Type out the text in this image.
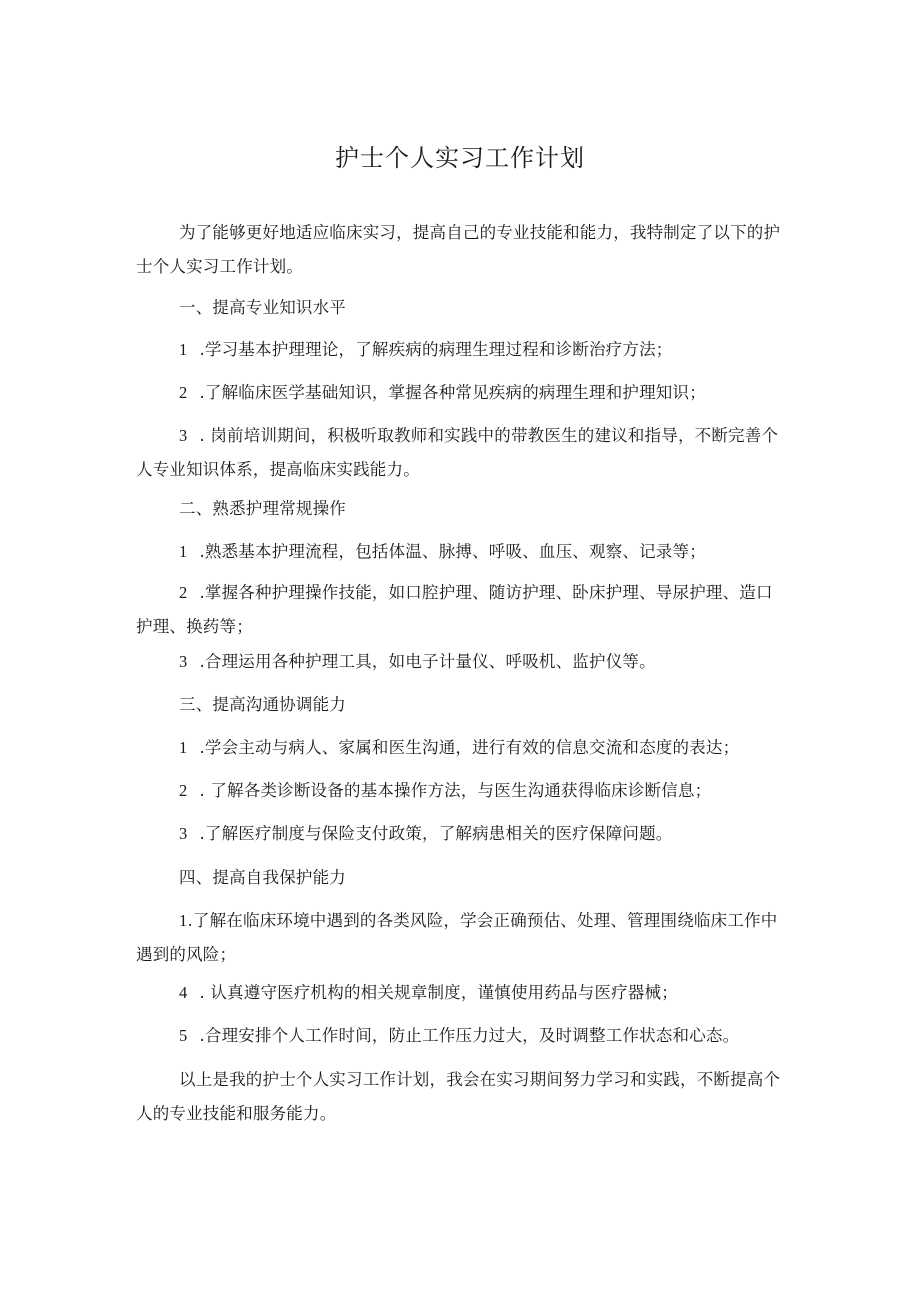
护士个人实习工作计划
为了能够更好地适应临床实习，提高自己的专业技能和能力，我特制定了以下的护士个人实习工作计划。
一、提高专业知识水平
1 .学习基本护理理论，了解疾病的病理生理过程和诊断治疗方法；
2 .了解临床医学基础知识，掌握各种常见疾病的病理生理和护理知识；
3 . 岗前培训期间，积极听取教师和实践中的带教医生的建议和指导，不断完善个人专业知识体系，提高临床实践能力。
二、熟悉护理常规操作
1 .熟悉基本护理流程，包括体温、脉搏、呼吸、血压、观察、记录等；
2 .掌握各种护理操作技能，如口腔护理、随访护理、卧床护理、导尿护理、造口护理、换药等；
3 .合理运用各种护理工具，如电子计量仪、呼吸机、监护仪等。
三、提高沟通协调能力
1 .学会主动与病人、家属和医生沟通，进行有效的信息交流和态度的表达；
2 . 了解各类诊断设备的基本操作方法，与医生沟通获得临床诊断信息；
3 .了解医疗制度与保险支付政策，了解病患相关的医疗保障问题。
四、提高自我保护能力
1.了解在临床环境中遇到的各类风险，学会正确预估、处理、管理围绕临床工作中遇到的风险；
4 . 认真遵守医疗机构的相关规章制度，谨慎使用药品与医疗器械；
5 .合理安排个人工作时间，防止工作压力过大，及时调整工作状态和心态。
以上是我的护士个人实习工作计划，我会在实习期间努力学习和实践，不断提高个人的专业技能和服务能力。
